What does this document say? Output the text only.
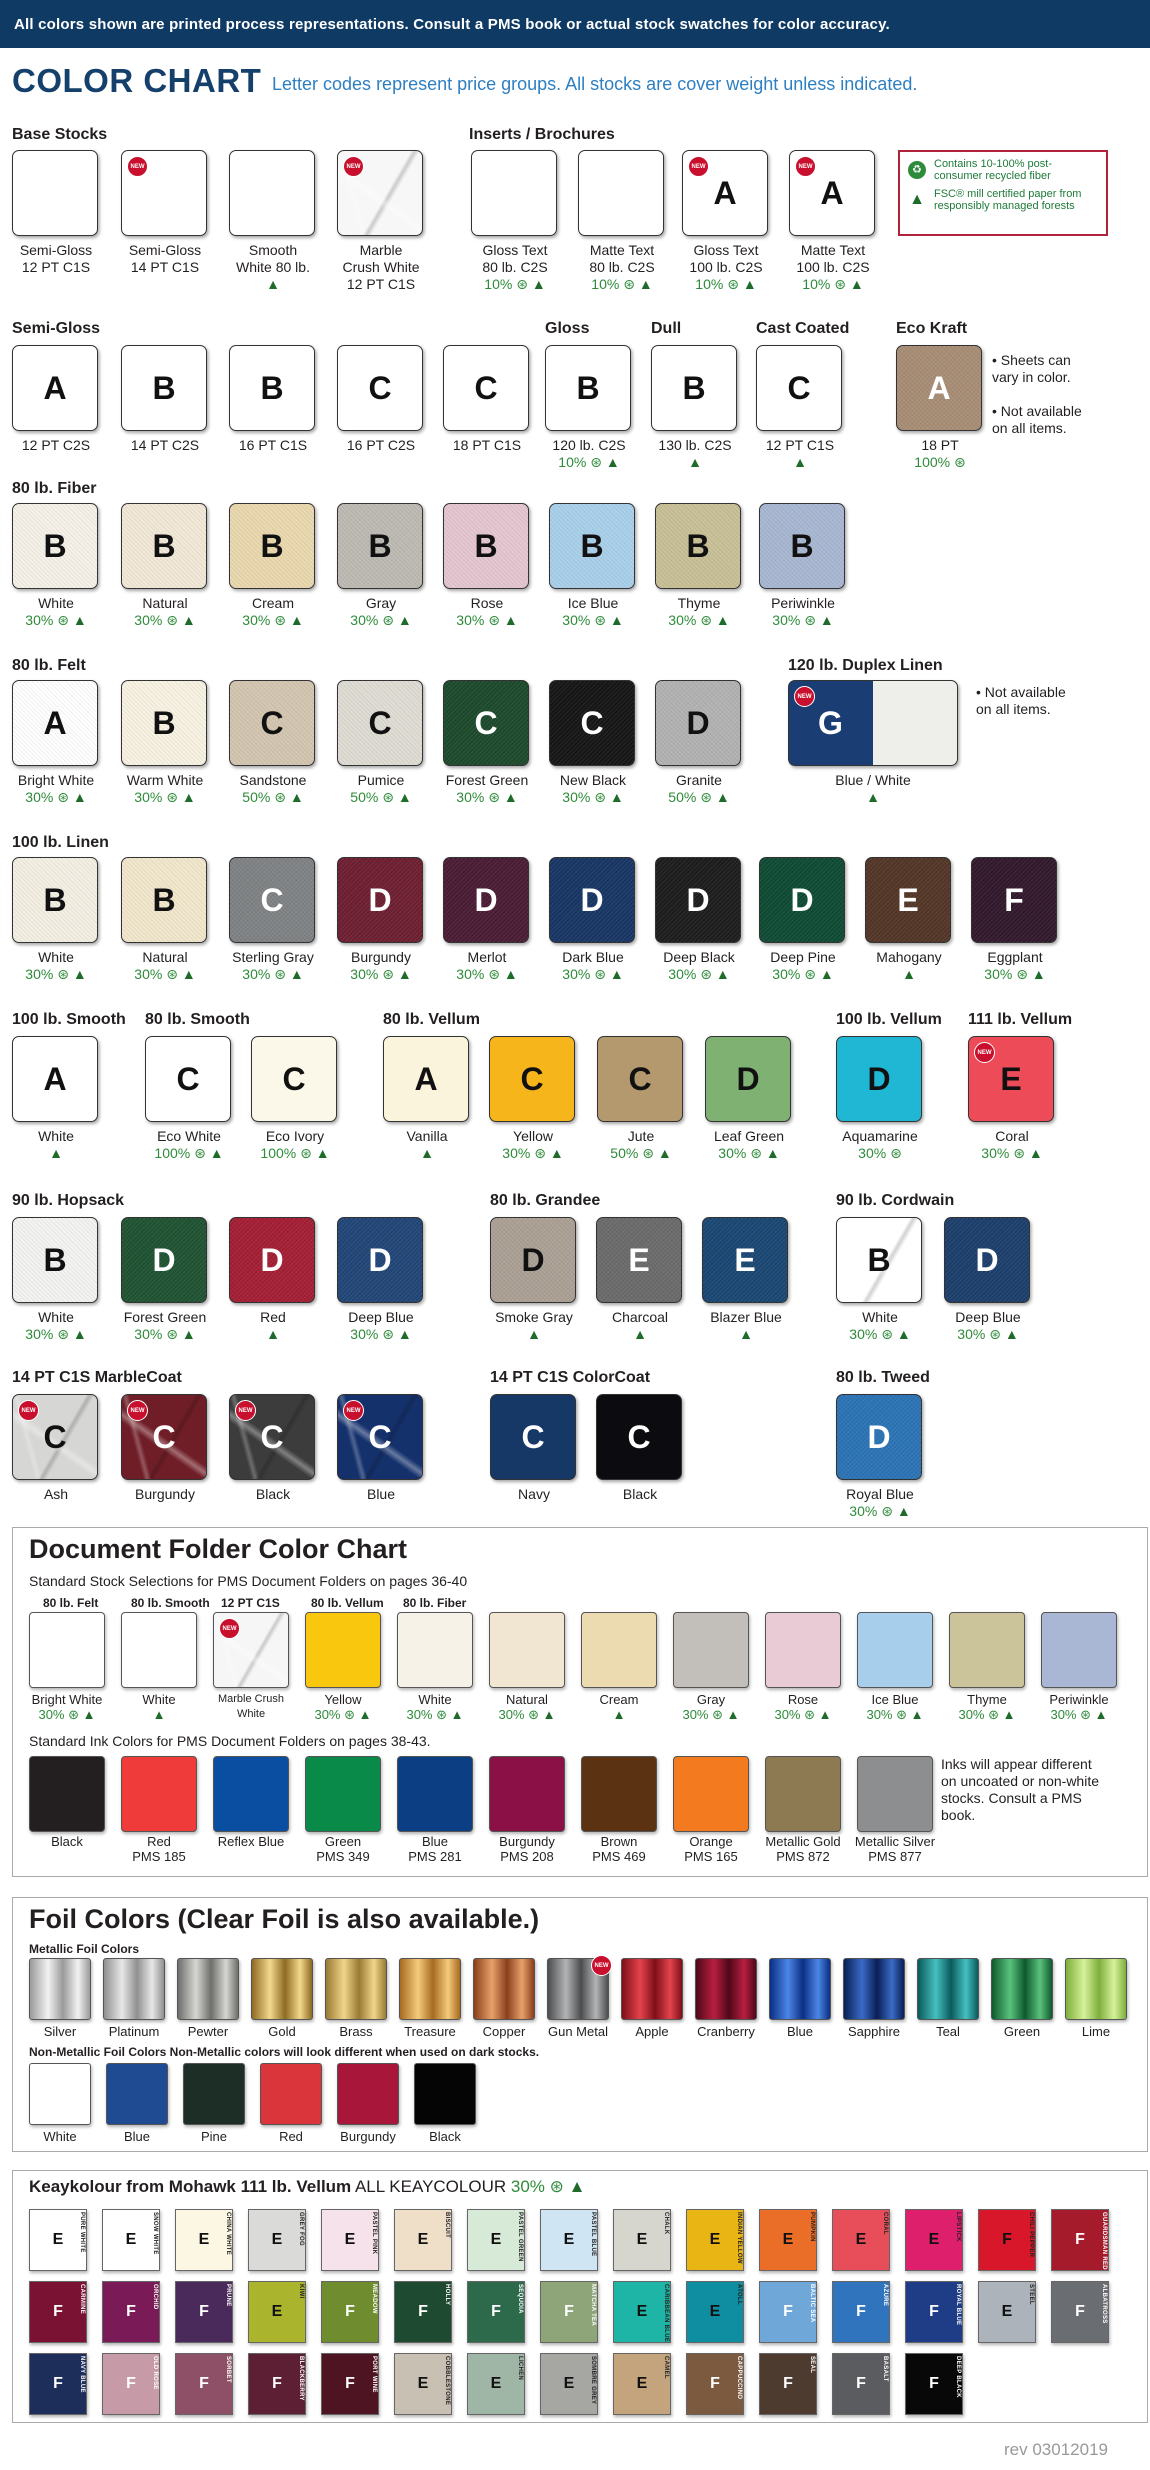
All colors shown are printed process representations. Consult a PMS book or actual stock swatches for color accuracy.
COLOR CHART Letter codes represent price groups. All stocks are cover weight unless indicated.
♻	Contains 10-100% post-consumer recycled fiber
▲ FSC® mill certified paper from responsibly managed forests
Semi-Gloss
12 PT C1S
NEW
Semi-Gloss
14 PT C1S
Smooth
White 80 lb.
▲
NEW
Marble
Crush White
12 PT C1S
Gloss Text
80 lb. C2S
10% ⊛ ▲
Matte Text
80 lb. C2S
10% ⊛ ▲
NEW
A
Gloss Text
100 lb. C2S
10% ⊛ ▲
NEW
A
Matte Text
100 lb. C2S
10% ⊛ ▲
A
12 PT C2S
B
14 PT C2S
B
16 PT C1S
C
16 PT C2S
C
18 PT C1S
B
120 lb. C2S
10% ⊛ ▲
B
130 lb. C2S
▲
C
12 PT C1S
▲
A
18 PT
100% ⊛
B
White
30% ⊛ ▲
B
Natural
30% ⊛ ▲
B
Cream
30% ⊛ ▲
B
Gray
30% ⊛ ▲
B
Rose
30% ⊛ ▲
B
Ice Blue
30% ⊛ ▲
B
Thyme
30% ⊛ ▲
B
Periwinkle
30% ⊛ ▲
A
Bright White
30% ⊛ ▲
B
Warm White
30% ⊛ ▲
C
Sandstone
50% ⊛ ▲
C
Pumice
50% ⊛ ▲
C
Forest Green
30% ⊛ ▲
C
New Black
30% ⊛ ▲
D
Granite
50% ⊛ ▲
B
White
30% ⊛ ▲
B
Natural
30% ⊛ ▲
C
Sterling Gray
30% ⊛ ▲
D
Burgundy
30% ⊛ ▲
D
Merlot
30% ⊛ ▲
D
Dark Blue
30% ⊛ ▲
D
Deep Black
30% ⊛ ▲
D
Deep Pine
30% ⊛ ▲
E
Mahogany
▲
F
Eggplant
30% ⊛ ▲
A
White
▲
C
Eco White
100% ⊛ ▲
C
Eco Ivory
100% ⊛ ▲
A
Vanilla
▲
C
Yellow
30% ⊛ ▲
C
Jute
50% ⊛ ▲
D
Leaf Green
30% ⊛ ▲
D
Aquamarine
30% ⊛
NEW
E
Coral
30% ⊛ ▲
B
White
30% ⊛ ▲
D
Forest Green
30% ⊛ ▲
D
Red
▲
D
Deep Blue
30% ⊛ ▲
D
Smoke Gray
▲
E
Charcoal
▲
E
Blazer Blue
▲
B
White
30% ⊛ ▲
D
Deep Blue
30% ⊛ ▲
NEW
C
Ash
NEW
C
Burgundy
NEW
C
Black
NEW
C
Blue
C
Navy
C
Black
D
Royal Blue
30% ⊛ ▲
NEW
G
Blue / White
▲
Document Folder Color Chart
Standard Stock Selections for PMS Document Folders on pages 36-40
80 lb. Felt	80 lb. Smooth 12 PT C1S	80 lb. Vellum 80 lb. Fiber
Bright White
30% ⊛ ▲
White
▲
NEW
Marble Crush
White
Yellow
30% ⊛ ▲
White
30% ⊛ ▲
Natural
30% ⊛ ▲
Cream
▲
Gray
30% ⊛ ▲
Rose
30% ⊛ ▲
Ice Blue
30% ⊛ ▲
Thyme
30% ⊛ ▲
Periwinkle
30% ⊛ ▲
Standard Ink Colors for PMS Document Folders on pages 38-43.
Black	Red
PMS 185
Reflex Blue	Green
PMS 349
Blue
PMS 281
Burgundy
PMS 208
Brown
PMS 469
Orange
PMS 165
Metallic Gold
PMS 872
Metallic Silver
PMS 877
Inks will appear different
on uncoated or non-white
stocks. Consult a PMS
book.
Foil Colors (Clear Foil is also available.)
Metallic Foil Colors
Silver	Platinum	Pewter	Gold	Brass	Treasure	Copper
NEW
Gun Metal	Apple	Cranberry	Blue	Sapphire	Teal	Green	Lime
Non-Metallic Foil Colors Non-Metallic colors will look different when used on dark stocks.
White	Blue	Pine	Red	Burgundy	Black
Keaykolour from Mohawk 111 lb. Vellum ALL KEAYCOLOUR 30% ⊛ ▲
E	PURE WHITE	E	SNOW WHITE	E	CHINA WHITE	E	GREY FOG	E	PASTEL PINK	E
BISCUIT
E	PASTEL GREEN	E	PASTEL BLUE	E
CHALK
E	INDIAN YELLOW	E	PUMPKIN	E
CORAL
E	LIPSTICK	F	CHILI PEPPER	F	GUARDSMAN RED
F	CARMINE	F
ORCHID
F
PRUNE
E
KIWI
F	MEADOW	F
HOLLY
F	SEQUOIA	F	MATCHA TEA	E	CARIBBEAN BLUE	E
ATOLL
F	BALTIC SEA	F
AZURE
F	ROYAL BLUE	E
STEEL
F	ALBATROSS
F	NAVY BLUE	F	OLD ROSE	F
SORBET
F	BLACKBERRY	F	PORT WINE	E	COBBLESTONE	E
LICHEN
E	SOMBRE GREY	E
CAMEL
F	CAPPUCCINO	F
SEAL
F
BASALT
F	DEEP BLACK
rev 03012019
Base Stocks	Inserts / Brochures
Semi-Gloss	Gloss	Dull	Cast Coated	Eco Kraft
80 lb. Fiber
80 lb. Felt	120 lb. Duplex Linen
100 lb. Linen
100 lb. Smooth 80 lb. Smooth	80 lb. Vellum	100 lb. Vellum 111 lb. Vellum
90 lb. Hopsack	80 lb. Grandee	90 lb. Cordwain
14 PT C1S MarbleCoat	14 PT C1S ColorCoat	80 lb. Tweed
• Sheets can
vary in color.
• Not available
on all items.
• Not available
on all items.
